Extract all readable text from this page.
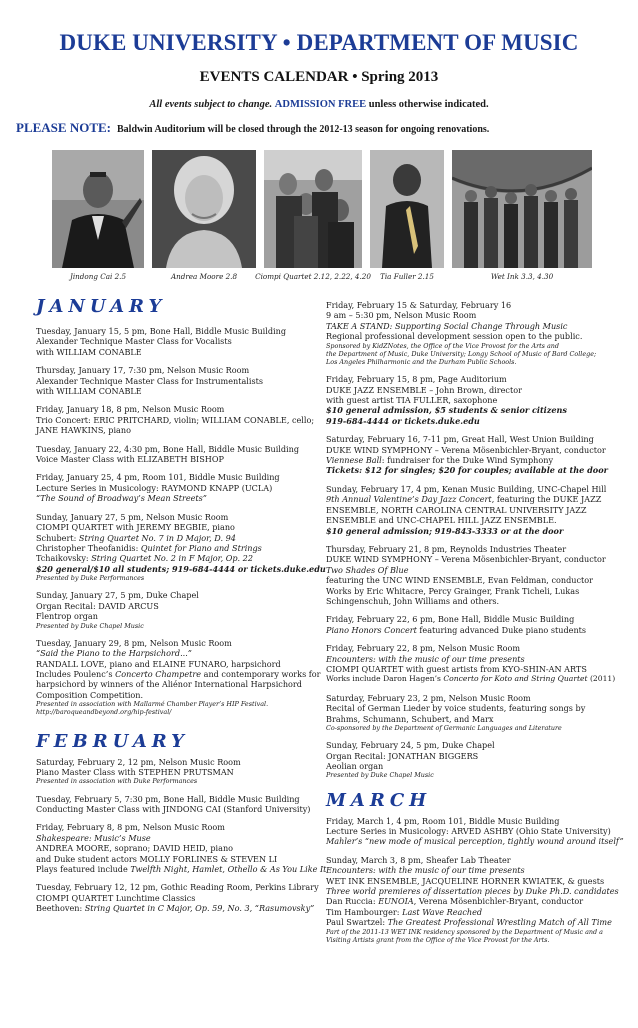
DUKE UNIVERSITY • DEPARTMENT OF MUSIC
EVENTS CALENDAR • Spring 2013
All events subject to change. ADMISSION FREE unless otherwise indicated.
PLEASE NOTE: Baldwin Auditorium will be closed through the 2012-13 season for ongoing renovations.
Jindong Cai 2.5	Andrea Moore 2.8	Ciompi Quartet 2.12, 2.22, 4.20	Tia Fuller 2.15	Wet Ink 3.3, 4.30
JANUARY
Tuesday, January 15, 5 pm, Bone Hall, Biddle Music Building
Alexander Technique Master Class for Vocalists
with WILLIAM CONABLE
Thursday, January 17, 7:30 pm, Nelson Music Room
Alexander Technique Master Class for Instrumentalists
with WILLIAM CONABLE
Friday, January 18, 8 pm, Nelson Music Room
Trio Concert: ERIC PRITCHARD, violin; WILLIAM CONABLE, cello;
JANE HAWKINS, piano
Tuesday, January 22, 4:30 pm, Bone Hall, Biddle Music Building
Voice Master Class with ELIZABETH BISHOP
Friday, January 25, 4 pm, Room 101, Biddle Music Building
Lecture Series in Musicology: RAYMOND KNAPP (UCLA)
“The Sound of Broadway’s Mean Streets”
Sunday, January 27, 5 pm, Nelson Music Room
CIOMPI QUARTET with JEREMY BEGBIE, piano
Schubert: String Quartet No. 7 in D Major, D. 94
Christopher Theofanidis: Quintet for Piano and Strings
Tchaikovsky: String Quartet No. 2 in F Major, Op. 22
$20 general/$10 all students; 919-684-4444 or tickets.duke.edu
Presented by Duke Performances
Sunday, January 27, 5 pm, Duke Chapel
Organ Recital: DAVID ARCUS
Flentrop organ
Presented by Duke Chapel Music
Tuesday, January 29, 8 pm, Nelson Music Room
“Said the Piano to the Harpsichord...”
RANDALL LOVE, piano and ELAINE FUNARO, harpsichord
Includes Poulenc’s Concerto Champetre and contemporary works for
harpsichord by winners of the Aliénor International Harpsichord
Composition Competition.
Presented in association with Mallarmé Chamber Player’s HIP Festival.
http://baroqueandbeyond.org/hip-festival/
FEBRUARY
Saturday, February 2, 12 pm, Nelson Music Room
Piano Master Class with STEPHEN PRUTSMAN
Presented in association with Duke Performances
Tuesday, February 5, 7:30 pm, Bone Hall, Biddle Music Building
Conducting Master Class with JINDONG CAI (Stanford University)
Friday, February 8, 8 pm, Nelson Music Room
Shakespeare: Music’s Muse
ANDREA MOORE, soprano; DAVID HEID, piano
and Duke student actors MOLLY FORLINES & STEVEN LI
Plays featured include Twelfth Night, Hamlet, Othello & As You Like It
Tuesday, February 12, 12 pm, Gothic Reading Room, Perkins Library
CIOMPI QUARTET Lunchtime Classics
Beethoven: String Quartet in C Major, Op. 59, No. 3, “Rasumovsky”
Friday, February 15 & Saturday, February 16
9 am – 5:30 pm, Nelson Music Room
TAKE A STAND: Supporting Social Change Through Music
Regional professional development session open to the public.
Sponsored by KidZNotes, the Office of the Vice Provost for the Arts and
the Department of Music, Duke University; Longy School of Music of Bard College;
Los Angeles Philharmonic and the Durham Public Schools.
Friday, February 15, 8 pm, Page Auditorium
DUKE JAZZ ENSEMBLE – John Brown, director
with guest artist TIA FULLER, saxophone
$10 general admission, $5 students & senior citizens
919-684-4444 or tickets.duke.edu
Saturday, February 16, 7-11 pm, Great Hall, West Union Building
DUKE WIND SYMPHONY – Verena Mösenbichler-Bryant, conductor
Viennese Ball: fundraiser for the Duke Wind Symphony
Tickets: $12 for singles; $20 for couples; available at the door
Sunday, February 17, 4 pm, Kenan Music Building, UNC-Chapel Hill
9th Annual Valentine’s Day Jazz Concert, featuring the DUKE JAZZ
ENSEMBLE, NORTH CAROLINA CENTRAL UNIVERSITY JAZZ
ENSEMBLE and UNC-CHAPEL HILL JAZZ ENSEMBLE.
$10 general admission; 919-843-3333 or at the door
Thursday, February 21, 8 pm, Reynolds Industries Theater
DUKE WIND SYMPHONY – Verena Mösenbichler-Bryant, conductor
Two Shades Of Blue
featuring the UNC WIND ENSEMBLE, Evan Feldman, conductor
Works by Eric Whitacre, Percy Grainger, Frank Ticheli, Lukas
Schingenschuh, John Williams and others.
Friday, February 22, 6 pm, Bone Hall, Biddle Music Building
Piano Honors Concert featuring advanced Duke piano students
Friday, February 22, 8 pm, Nelson Music Room
Encounters: with the music of our time presents
CIOMPI QUARTET with guest artists from KYO-SHIN-AN ARTS
Works include Daron Hagen’s Concerto for Koto and String Quartet (2011)
Saturday, February 23, 2 pm, Nelson Music Room
Recital of German Lieder by voice students, featuring songs by
Brahms, Schumann, Schubert, and Marx
Co-sponsored by the Department of Germanic Languages and Literature
Sunday, February 24, 5 pm, Duke Chapel
Organ Recital: JONATHAN BIGGERS
Aeolian organ
Presented by Duke Chapel Music
MARCH
Friday, March 1, 4 pm, Room 101, Biddle Music Building
Lecture Series in Musicology: ARVED ASHBY (Ohio State University)
Mahler’s “new mode of musical perception, tightly wound around itself”
Sunday, March 3, 8 pm, Sheafer Lab Theater
Encounters: with the music of our time presents
WET INK ENSEMBLE, JACQUELINE HORNER KWIATEK, & guests
Three world premieres of dissertation pieces by Duke Ph.D. candidates
Dan Ruccia: EUNOIA, Verena Mösenbichler-Bryant, conductor
Tim Hambourger: Last Wave Reached
Paul Swartzel: The Greatest Professional Wrestling Match of All Time
Part of the 2011-13 WET INK residency sponsored by the Department of Music and a
Visiting Artists grant from the Office of the Vice Provost for the Arts.
